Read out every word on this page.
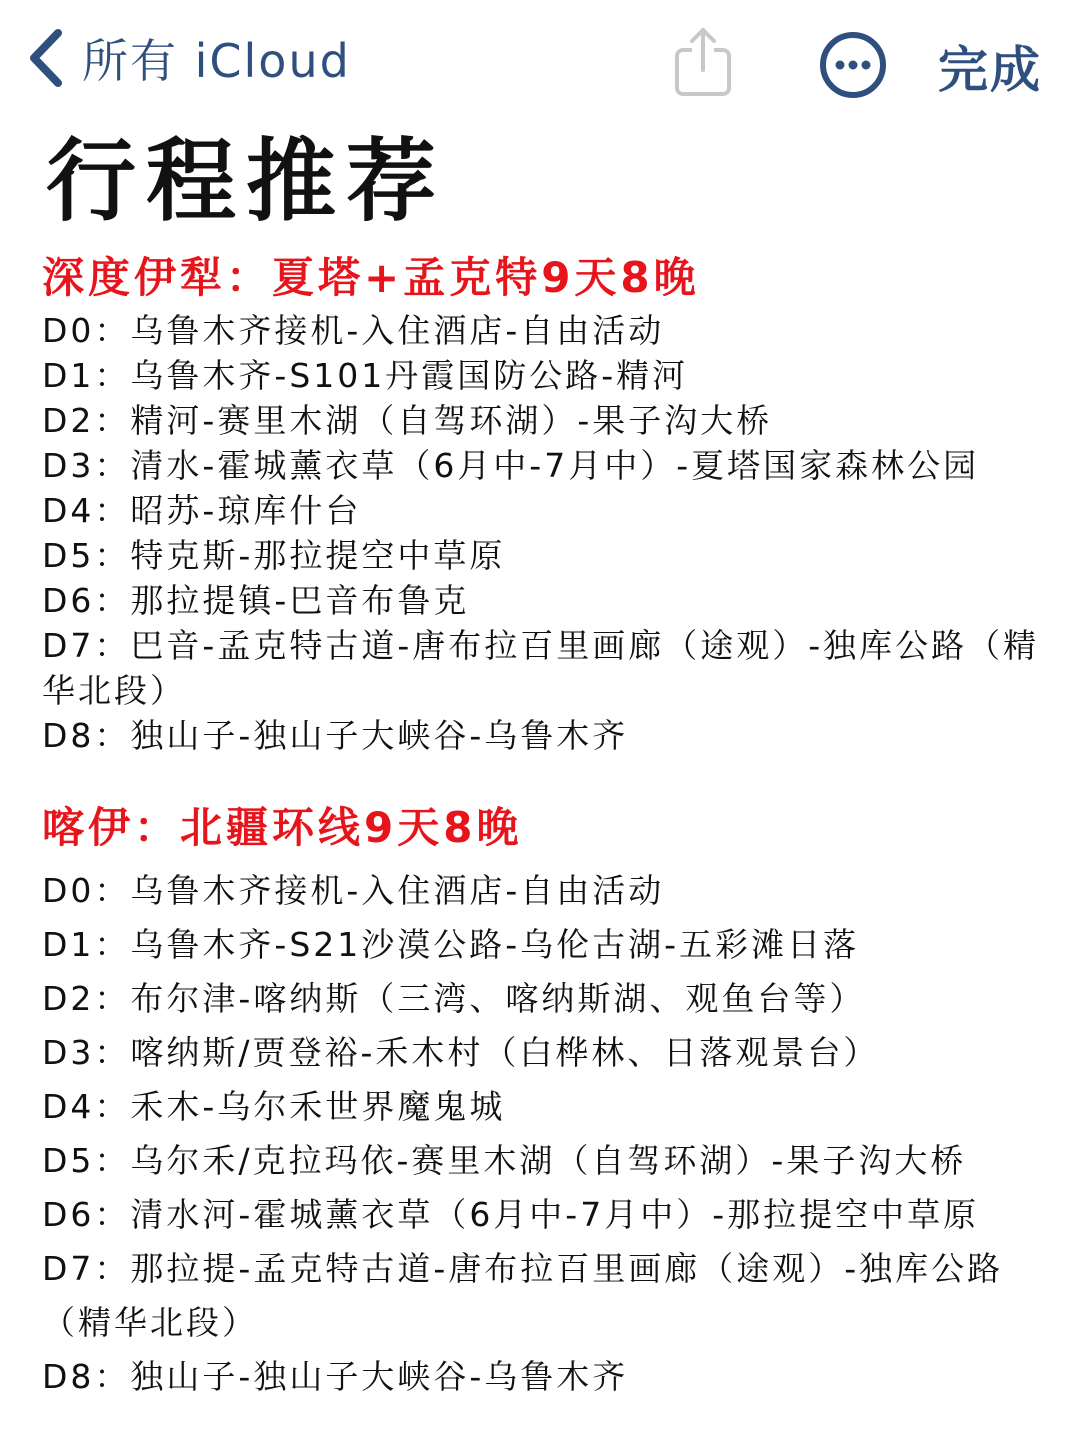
所有 iCloud	完成
行程推荐
深度伊犁：夏塔+孟克特9天8晚
D0：乌鲁木齐接机-入住酒店-自由活动
D1：乌鲁木齐-S101丹霞国防公路-精河
D2：精河-赛里木湖（自驾环湖）-果子沟大桥
D3：清水-霍城薰衣草（6月中-7月中）-夏塔国家森林公园
D4：昭苏-琼库什台
D5：特克斯-那拉提空中草原
D6：那拉提镇-巴音布鲁克
D7：巴音-孟克特古道-唐布拉百里画廊（途观）-独库公路（精华北段）
D8：独山子-独山子大峡谷-乌鲁木齐
喀伊：北疆环线9天8晚
D0：乌鲁木齐接机-入住酒店-自由活动
D1：乌鲁木齐-S21沙漠公路-乌伦古湖-五彩滩日落
D2：布尔津-喀纳斯（三湾、喀纳斯湖、观鱼台等）
D3：喀纳斯/贾登裕-禾木村（白桦林、日落观景台）
D4：禾木-乌尔禾世界魔鬼城
D5：乌尔禾/克拉玛依-赛里木湖（自驾环湖）-果子沟大桥
D6：清水河-霍城薰衣草（6月中-7月中）-那拉提空中草原
D7：那拉提-孟克特古道-唐布拉百里画廊（途观）-独库公路（精华北段）
D8：独山子-独山子大峡谷-乌鲁木齐
